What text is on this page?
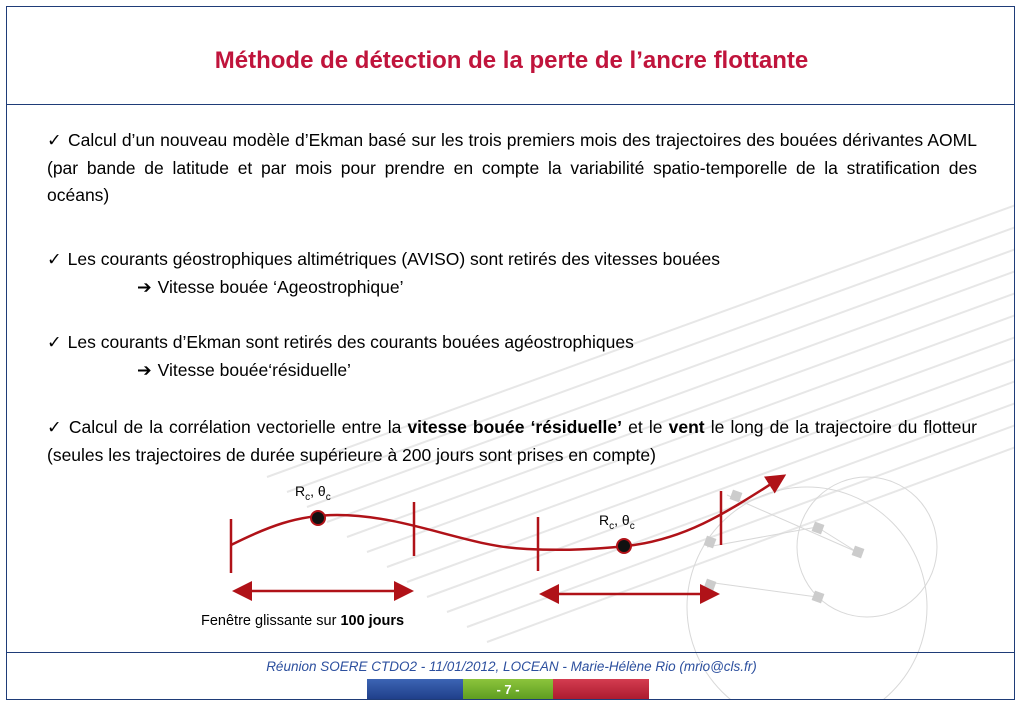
Méthode de détection de la perte de l’ancre flottante
✓ Calcul d’un nouveau modèle d’Ekman basé sur les trois premiers mois des trajectoires des bouées dérivantes AOML (par bande de latitude et par mois pour prendre en compte la variabilité spatio-temporelle de la stratification des océans)
✓ Les courants géostrophiques altimétriques (AVISO) sont retirés des vitesses bouées
➔ Vitesse bouée ‘Ageostrophique’
✓ Les courants d’Ekman sont retirés des courants bouées agéostrophiques
➔ Vitesse bouée‘résiduelle’
✓ Calcul de la corrélation vectorielle entre la vitesse bouée ‘résiduelle’ et le vent le long de la trajectoire du flotteur (seules les trajectoires de durée supérieure à 200 jours sont prises en compte)
$R_c$, $\theta_c$
$R_c$, $\theta_c$
Fenêtre glissante sur 100 jours
Réunion SOERE CTDO2 - 11/01/2012, LOCEAN - Marie-Hélène Rio (mrio@cls.fr)
- 7 -
